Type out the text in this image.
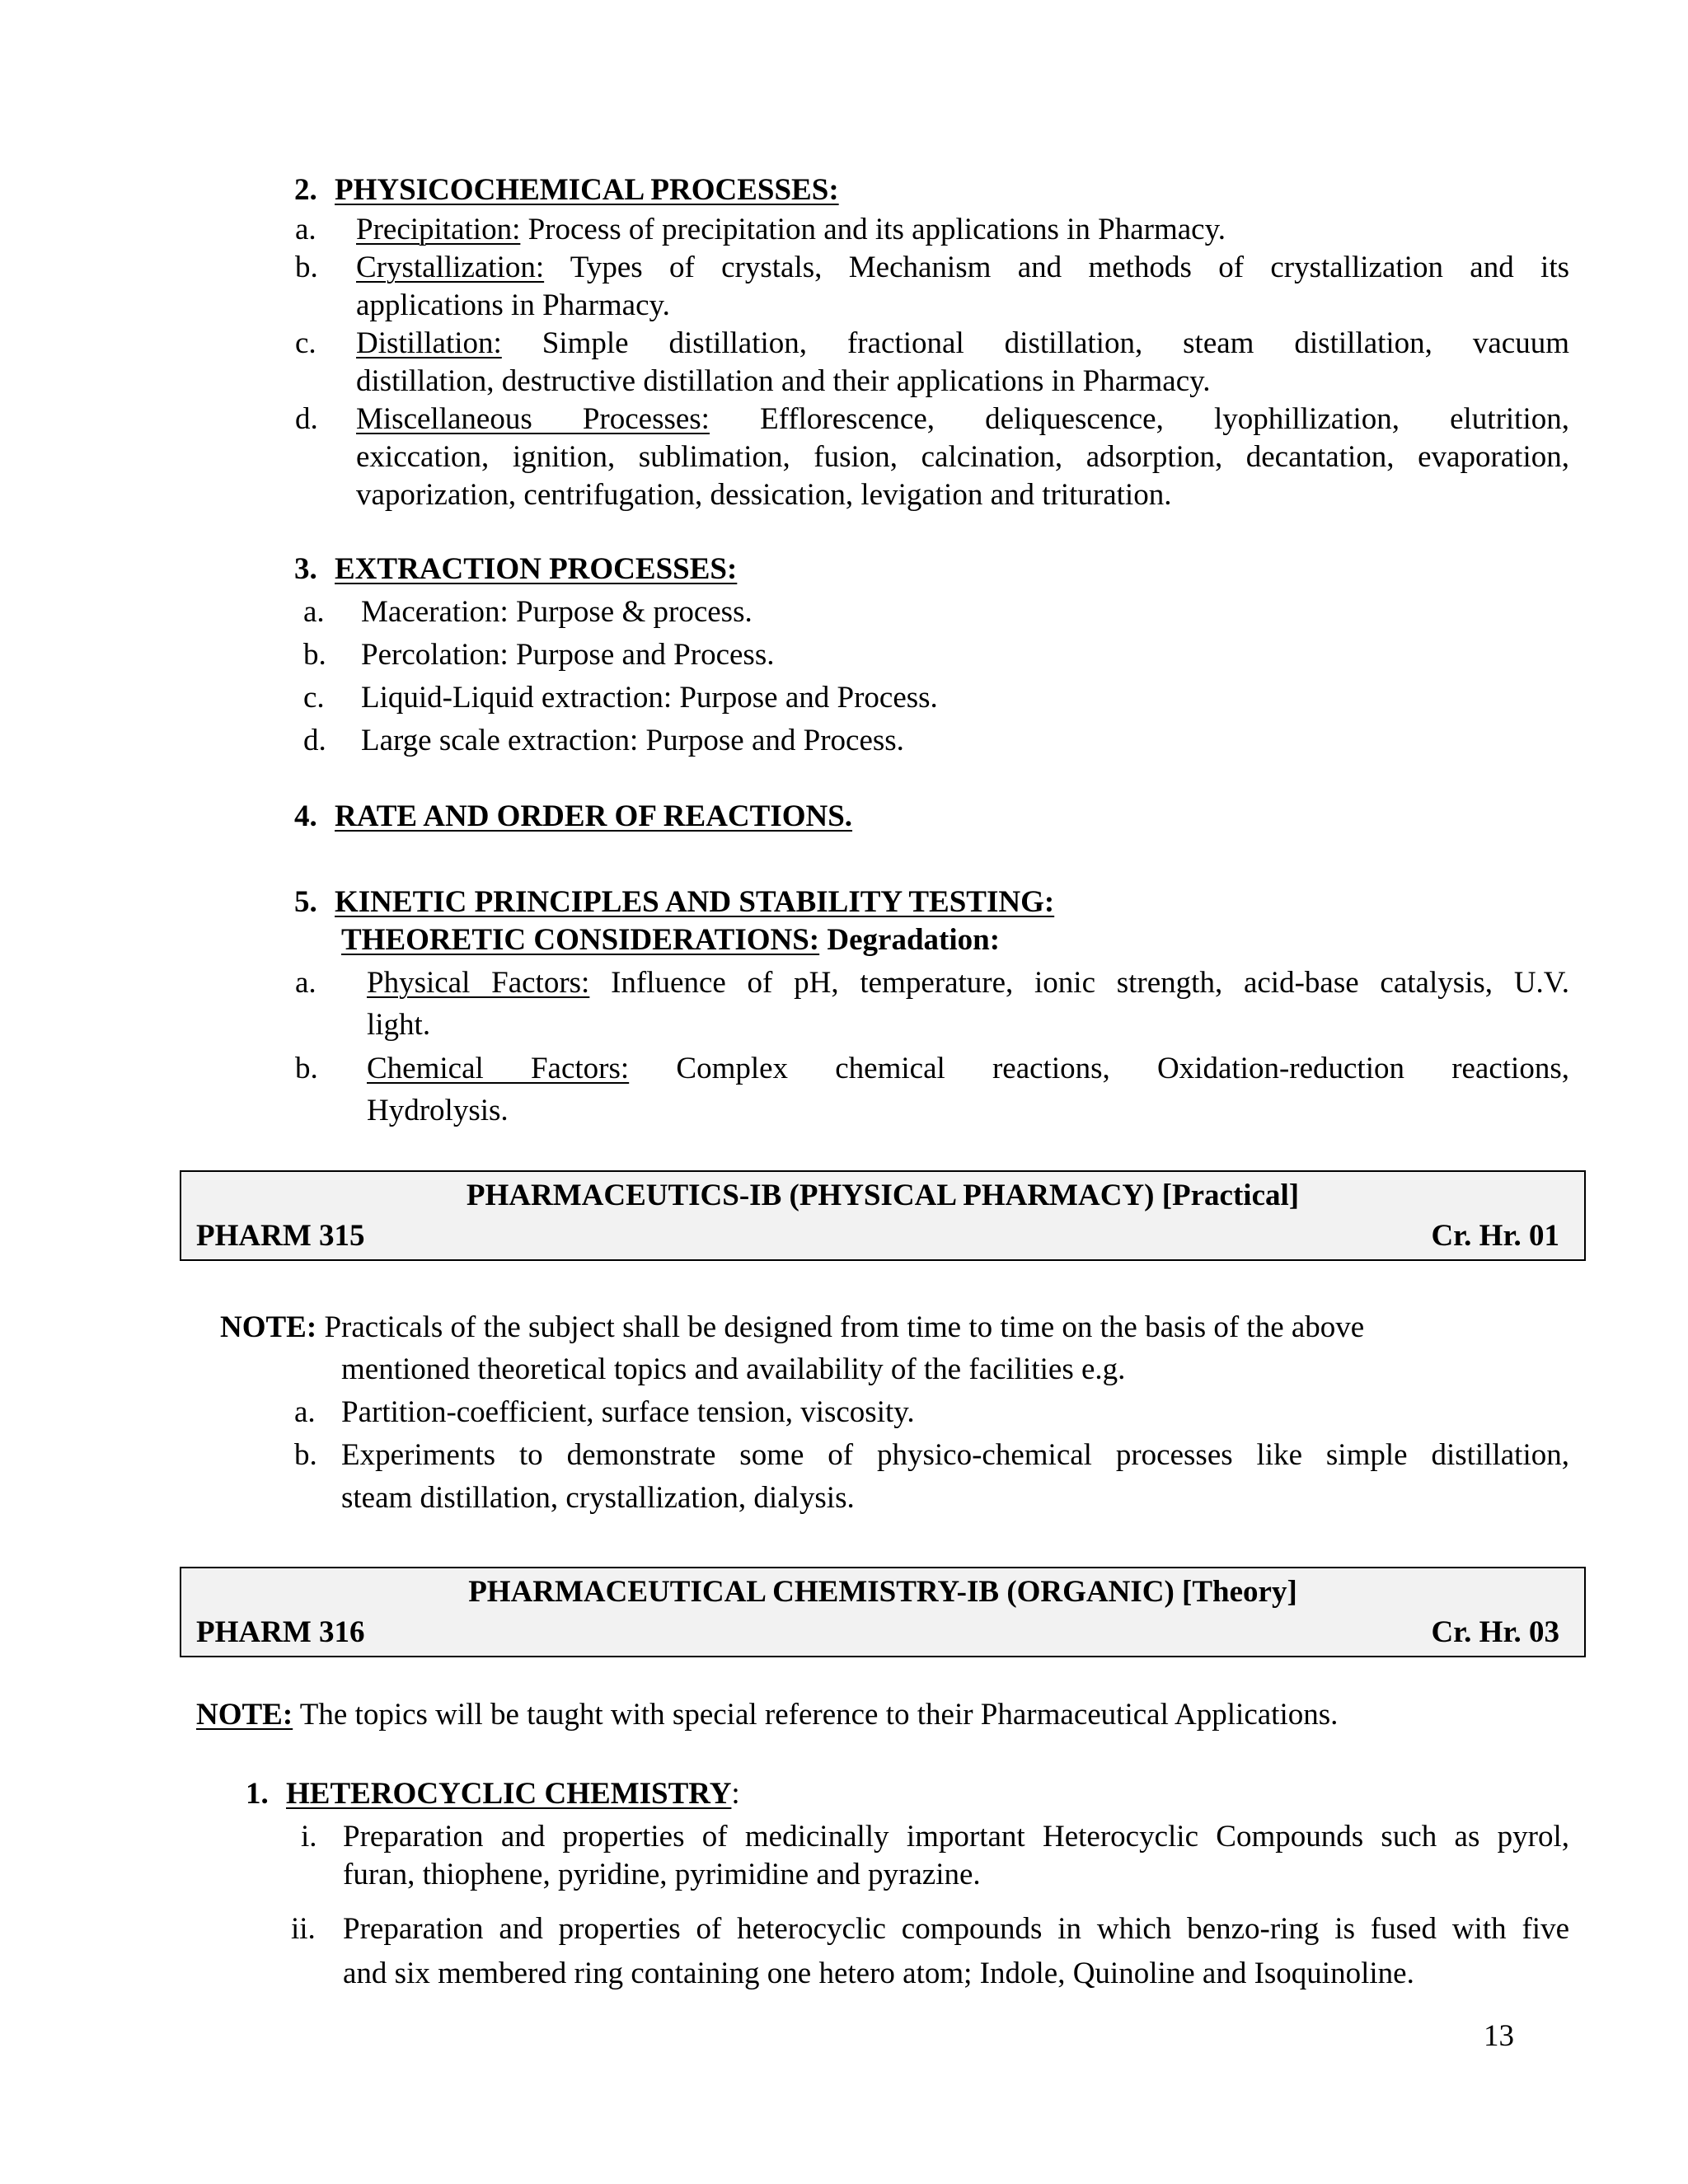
2. PHYSICOCHEMICAL PROCESSES:
a. Precipitation: Process of precipitation and its applications in Pharmacy.
b. Crystallization: Types of crystals, Mechanism and methods of crystallization and its
applications in Pharmacy.
c. Distillation: Simple distillation, fractional distillation, steam distillation, vacuum
distillation, destructive distillation and their applications in Pharmacy.
d. Miscellaneous Processes: Efflorescence, deliquescence, lyophillization, elutrition,
exiccation, ignition, sublimation, fusion, calcination, adsorption, decantation, evaporation,
vaporization, centrifugation, dessication, levigation and trituration.
3. EXTRACTION PROCESSES:
a. Maceration: Purpose & process.
b. Percolation: Purpose and Process.
c. Liquid-Liquid extraction: Purpose and Process.
d. Large scale extraction: Purpose and Process.
4. RATE AND ORDER OF REACTIONS.
5. KINETIC PRINCIPLES AND STABILITY TESTING:
THEORETIC CONSIDERATIONS: Degradation:
a. Physical Factors: Influence of pH, temperature, ionic strength, acid-base catalysis, U.V.
light.
b. Chemical Factors: Complex chemical reactions, Oxidation-reduction reactions,
Hydrolysis.
PHARMACEUTICS-IB (PHYSICAL PHARMACY) [Practical]
PHARM 315	Cr. Hr. 01
NOTE: Practicals of the subject shall be designed from time to time on the basis of the above
mentioned theoretical topics and availability of the facilities e.g.
a. Partition-coefficient, surface tension, viscosity.
b. Experiments to demonstrate some of physico-chemical processes like simple distillation,
steam distillation, crystallization, dialysis.
PHARMACEUTICAL CHEMISTRY-IB (ORGANIC) [Theory]
PHARM 316	Cr. Hr. 03
NOTE: The topics will be taught with special reference to their Pharmaceutical Applications.
1. HETEROCYCLIC CHEMISTRY:
i. Preparation and properties of medicinally important Heterocyclic Compounds such as pyrol,
furan, thiophene, pyridine, pyrimidine and pyrazine.
ii. Preparation and properties of heterocyclic compounds in which benzo-ring is fused with five
and six membered ring containing one hetero atom; Indole, Quinoline and Isoquinoline.
13
